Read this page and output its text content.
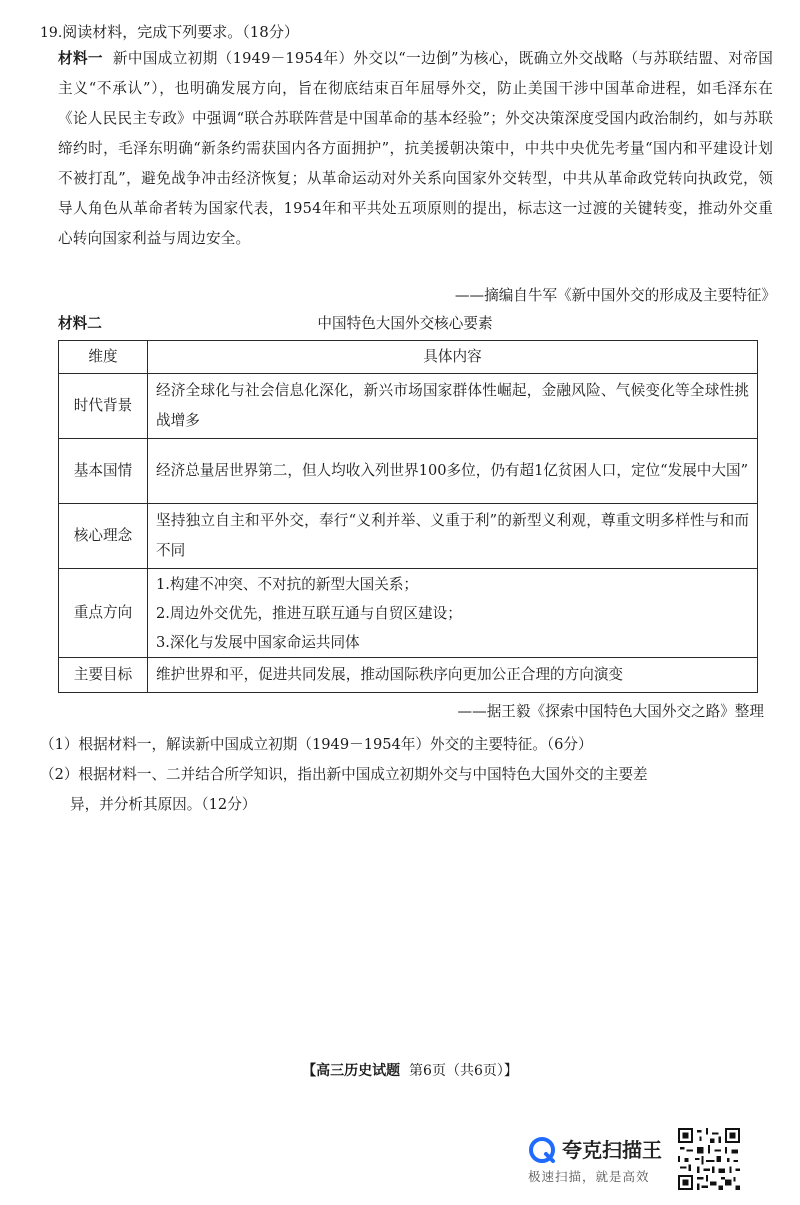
19.阅读材料，完成下列要求。（18分）
材料一 新中国成立初期（1949－1954年）外交以“一边倒”为核心，既确立外交战略（与苏联结盟、对帝国主义“不承认”），也明确发展方向，旨在彻底结束百年屈辱外交，防止美国干涉中国革命进程，如毛泽东在《论人民民主专政》中强调“联合苏联阵营是中国革命的基本经验”；外交决策深度受国内政治制约，如与苏联缔约时，毛泽东明确“新条约需获国内各方面拥护”，抗美援朝决策中，中共中央优先考量“国内和平建设计划不被打乱”，避免战争冲击经济恢复；从革命运动对外关系向国家外交转型，中共从革命政党转向执政党，领导人角色从革命者转为国家代表，1954年和平共处五项原则的提出，标志这一过渡的关键转变，推动外交重心转向国家利益与周边安全。
——摘编自牛军《新中国外交的形成及主要特征》
材料二	中国特色大国外交核心要素
维度	具体内容
时代背景	经济全球化与社会信息化深化，新兴市场国家群体性崛起，金融风险、气候变化等全球性挑战增多
基本国情	经济总量居世界第二，但人均收入列世界100多位，仍有超1亿贫困人口，定位“发展中大国”
核心理念	坚持独立自主和平外交，奉行“义利并举、义重于利”的新型义利观，尊重文明多样性与和而不同
重点方向	1.构建不冲突、不对抗的新型大国关系；
2.周边外交优先，推进互联互通与自贸区建设；
3.深化与发展中国家命运共同体

主要目标	维护世界和平，促进共同发展，推动国际秩序向更加公正合理的方向演变
——据王毅《探索中国特色大国外交之路》整理
（1）根据材料一，解读新中国成立初期（1949－1954年）外交的主要特征。（6分）
（2）根据材料一、二并结合所学知识，指出新中国成立初期外交与中国特色大国外交的主要差
异，并分析其原因。（12分）
【高三历史试题 第6页（共6页）】
夸克扫描王
极速扫描，就是高效
